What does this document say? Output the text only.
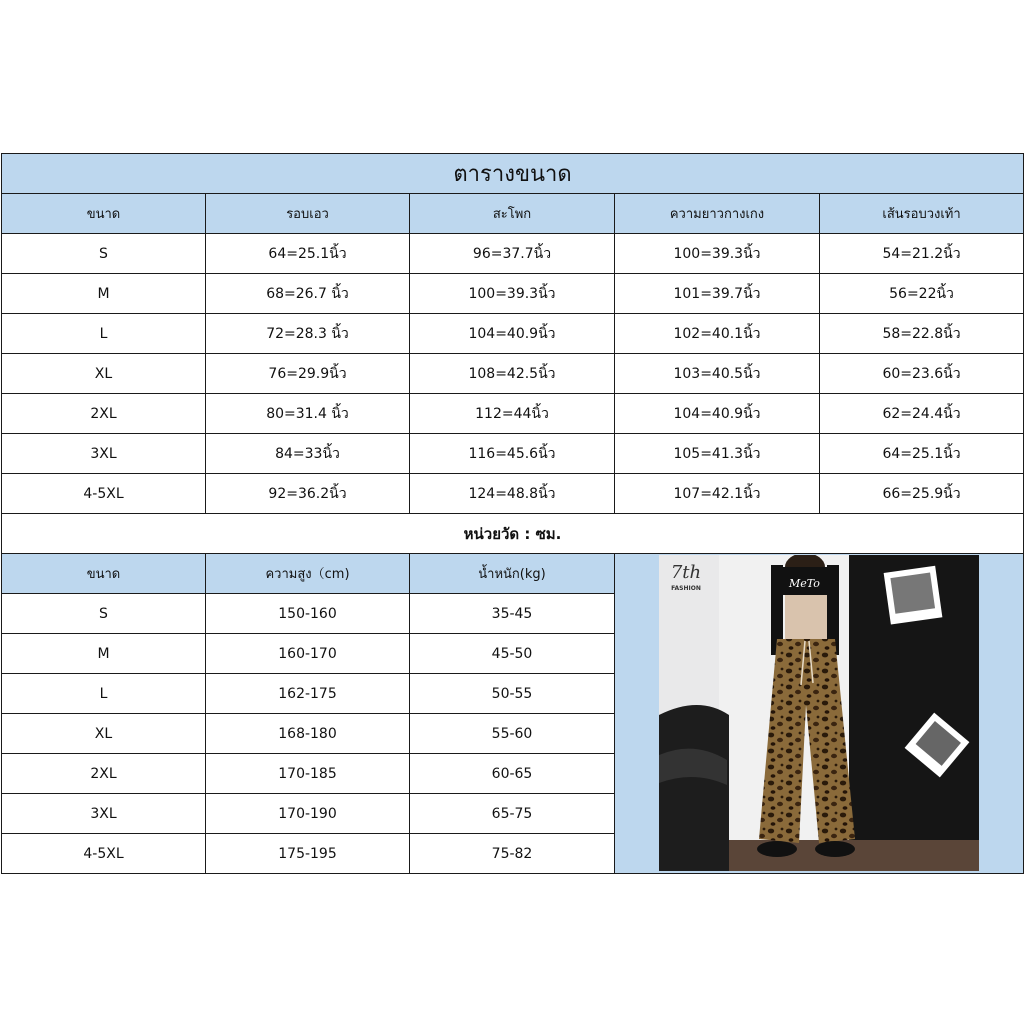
ตารางขนาด				
ขนาด	รอบเอว	สะโพก	ความยาวกางเกง	เส้นรอบวงเท้า
S	64=25.1นิ้ว	96=37.7นิ้ว	100=39.3นิ้ว	54=21.2นิ้ว
M	68=26.7 นิ้ว	100=39.3นิ้ว	101=39.7นิ้ว	56=22นิ้ว
L	72=28.3 นิ้ว	104=40.9นิ้ว	102=40.1นิ้ว	58=22.8นิ้ว
XL	76=29.9นิ้ว	108=42.5นิ้ว	103=40.5นิ้ว	60=23.6นิ้ว
2XL	80=31.4 นิ้ว	112=44นิ้ว	104=40.9นิ้ว	62=24.4นิ้ว
3XL	84=33นิ้ว	116=45.6นิ้ว	105=41.3นิ้ว	64=25.1นิ้ว
4-5XL	92=36.2นิ้ว	124=48.8นิ้ว	107=42.1นิ้ว	66=25.9นิ้ว
หน่วยวัด : ซม.				
ขนาด	ความสูง（cm)	น้ำหนัก(kg)	MeTo
7th
FASHION	

S	150-160	35-45		
M	160-170	45-50		
L	162-175	50-55		
XL	168-180	55-60		
2XL	170-185	60-65		
3XL	170-190	65-75		
4-5XL	175-195	75-82		
